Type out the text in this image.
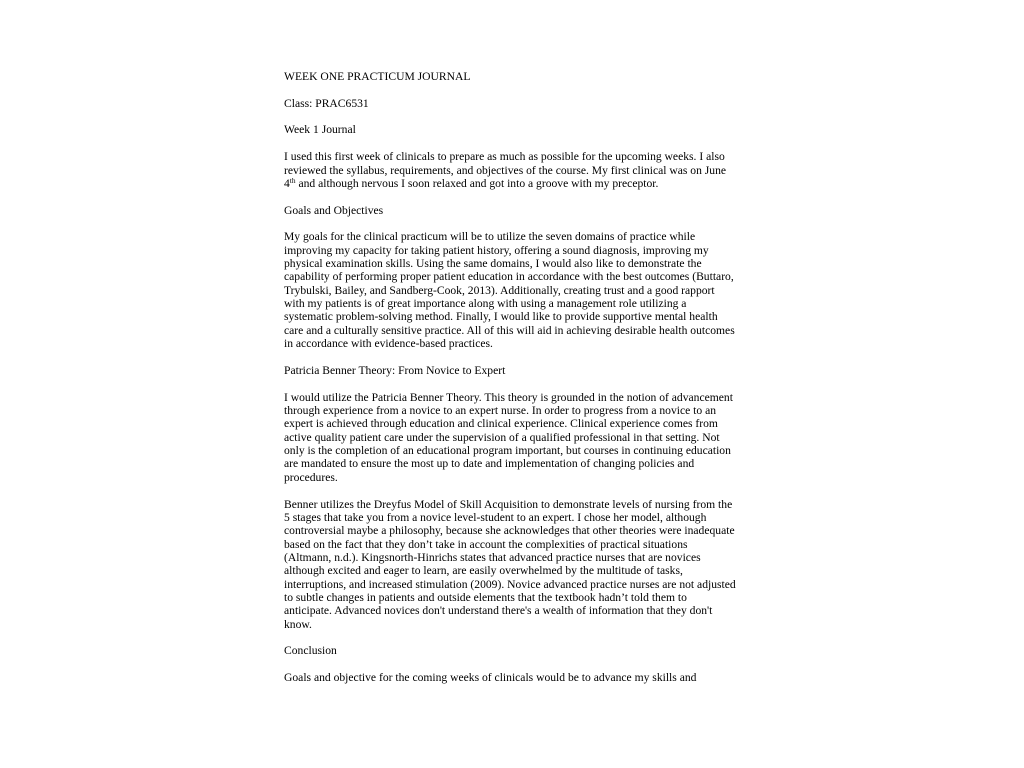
WEEK ONE PRACTICUM JOURNAL
Class: PRAC6531
Week 1 Journal
I used this first week of clinicals to prepare as much as possible for the upcoming weeks. I also
reviewed the syllabus, requirements, and objectives of the course. My first clinical was on June
4th and although nervous I soon relaxed and got into a groove with my preceptor.
Goals and Objectives
My goals for the clinical practicum will be to utilize the seven domains of practice while
improving my capacity for taking patient history, offering a sound diagnosis, improving my
physical examination skills. Using the same domains, I would also like to demonstrate the
capability of performing proper patient education in accordance with the best outcomes (Buttaro,
Trybulski, Bailey, and Sandberg-Cook, 2013). Additionally, creating trust and a good rapport
with my patients is of great importance along with using a management role utilizing a
systematic problem-solving method. Finally, I would like to provide supportive mental health
care and a culturally sensitive practice. All of this will aid in achieving desirable health outcomes
in accordance with evidence-based practices.
Patricia Benner Theory: From Novice to Expert
I would utilize the Patricia Benner Theory. This theory is grounded in the notion of advancement
through experience from a novice to an expert nurse. In order to progress from a novice to an
expert is achieved through education and clinical experience. Clinical experience comes from
active quality patient care under the supervision of a qualified professional in that setting. Not
only is the completion of an educational program important, but courses in continuing education
are mandated to ensure the most up to date and implementation of changing policies and
procedures.
Benner utilizes the Dreyfus Model of Skill Acquisition to demonstrate levels of nursing from the
5 stages that take you from a novice level-student to an expert. I chose her model, although
controversial maybe a philosophy, because she acknowledges that other theories were inadequate
based on the fact that they don’t take in account the complexities of practical situations
(Altmann, n.d.). Kingsnorth-Hinrichs states that advanced practice nurses that are novices
although excited and eager to learn, are easily overwhelmed by the multitude of tasks,
interruptions, and increased stimulation (2009). Novice advanced practice nurses are not adjusted
to subtle changes in patients and outside elements that the textbook hadn’t told them to
anticipate. Advanced novices don't understand there's a wealth of information that they don't
know.
Conclusion
Goals and objective for the coming weeks of clinicals would be to advance my skills and
